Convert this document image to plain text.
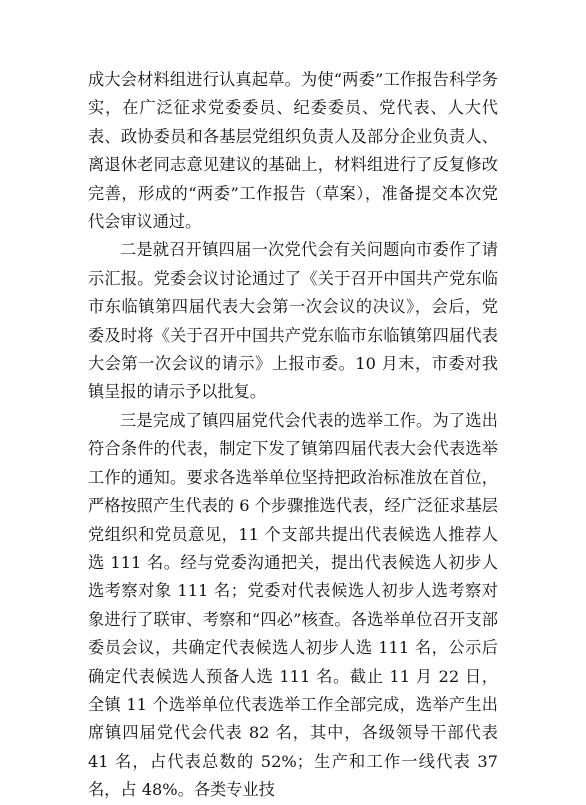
成大会材料组进行认真起草。为使“两委”工作报告科学务实，在广泛征求党委委员、纪委委员、党代表、人大代表、政协委员和各基层党组织负责人及部分企业负责人、离退休老同志意见建议的基础上，材料组进行了反复修改完善，形成的“两委”工作报告（草案），准备提交本次党代会审议通过。

二是就召开镇四届一次党代会有关问题向市委作了请示汇报。党委会议讨论通过了《关于召开中国共产党东临市东临镇第四届代表大会第一次会议的决议》，会后，党委及时将《关于召开中国共产党东临市东临镇第四届代表大会第一次会议的请示》上报市委。10 月末，市委对我镇呈报的请示予以批复。

三是完成了镇四届党代会代表的选举工作。为了选出符合条件的代表，制定下发了镇第四届代表大会代表选举工作的通知。要求各选举单位坚持把政治标准放在首位，严格按照产生代表的 6 个步骤推选代表，经广泛征求基层党组织和党员意见，11 个支部共提出代表候选人推荐人选 111 名。经与党委沟通把关，提出代表候选人初步人选考察对象 111 名；党委对代表候选人初步人选考察对象进行了联审、考察和“四必”核查。各选举单位召开支部委员会议，共确定代表候选人初步人选 111 名，公示后确定代表候选人预备人选 111 名。截止 11 月 22 日，全镇 11 个选举单位代表选举工作全部完成，选举产生出席镇四届党代会代表 82 名，其中，各级领导干部代表 41 名，占代表总数的 52%；生产和工作一线代表 37 名，占 48%。各类专业技
